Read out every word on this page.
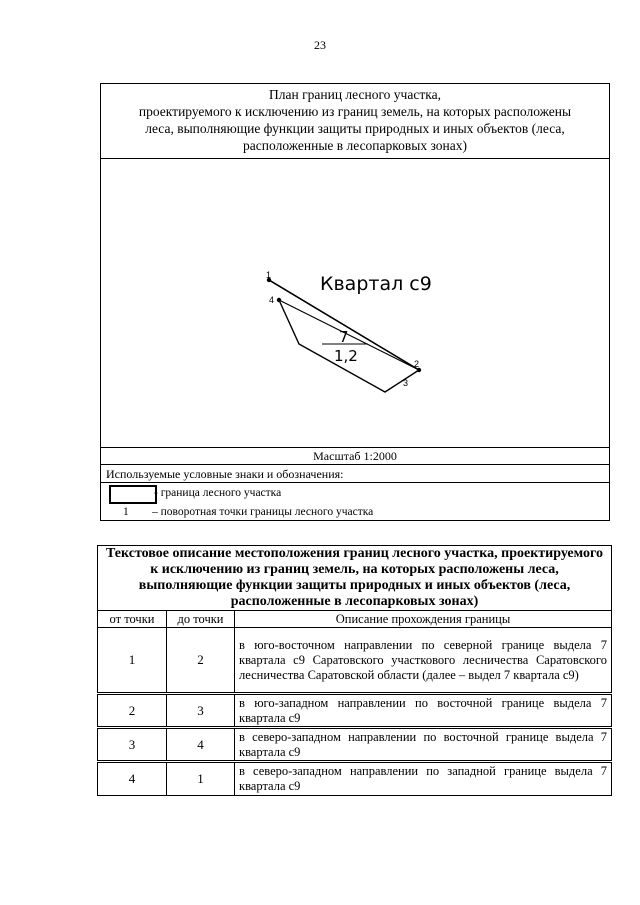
23
План границ лесного участка,
проектируемого к исключению из границ земель, на которых расположены
леса, выполняющие функции защиты природных и иных объектов (леса,
расположенные в лесопарковых зонах)
1
2
3
4
Квартал с9
7
1,2
Масштаб 1:2000
Используемые условные знаки и обозначения:
- граница лесного участка
1 – поворотная точки границы лесного участка
Текстовое описание местоположения границ лесного участка, проектируемого к исключению из границ земель, на которых расположены леса, выполняющие функции защиты природных и иных объектов (леса, расположенные в лесопарковых зонах)		
от точки	до точки	Описание прохождения границы
1	2	в юго-восточном направлении по северной границе выдела 7 квартала с9 Саратовского участкового лесничества Саратовского лесничества Саратовской области (далее – выдел 7 квартала с9)
2	3	в юго-западном направлении по восточной границе выдела 7 квартала с9
3	4	в северо-западном направлении по восточной границе выдела 7 квартала с9
4	1	в северо-западном направлении по западной границе выдела 7 квартала с9
